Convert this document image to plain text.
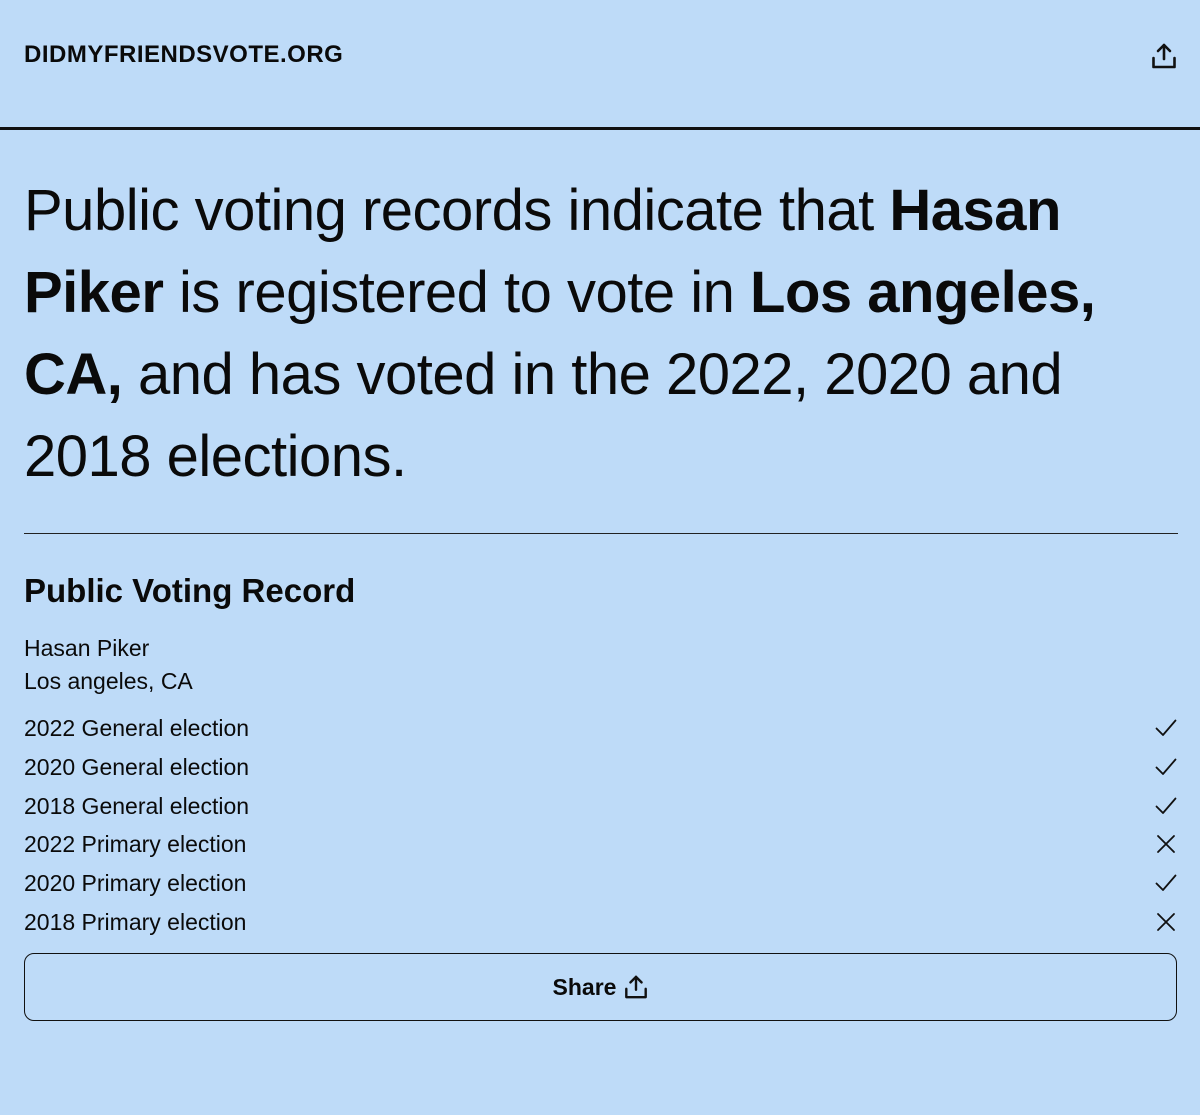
DIDMYFRIENDSVOTE.ORG

Public voting records indicate that Hasan Piker is registered to vote in Los angeles, CA, and has voted in the 2022, 2020 and 2018 elections.

Public Voting Record
Hasan Piker
Los angeles, CA
2022 General election
2020 General election
2018 General election
2022 Primary election
2020 Primary election
2018 Primary election
Share
